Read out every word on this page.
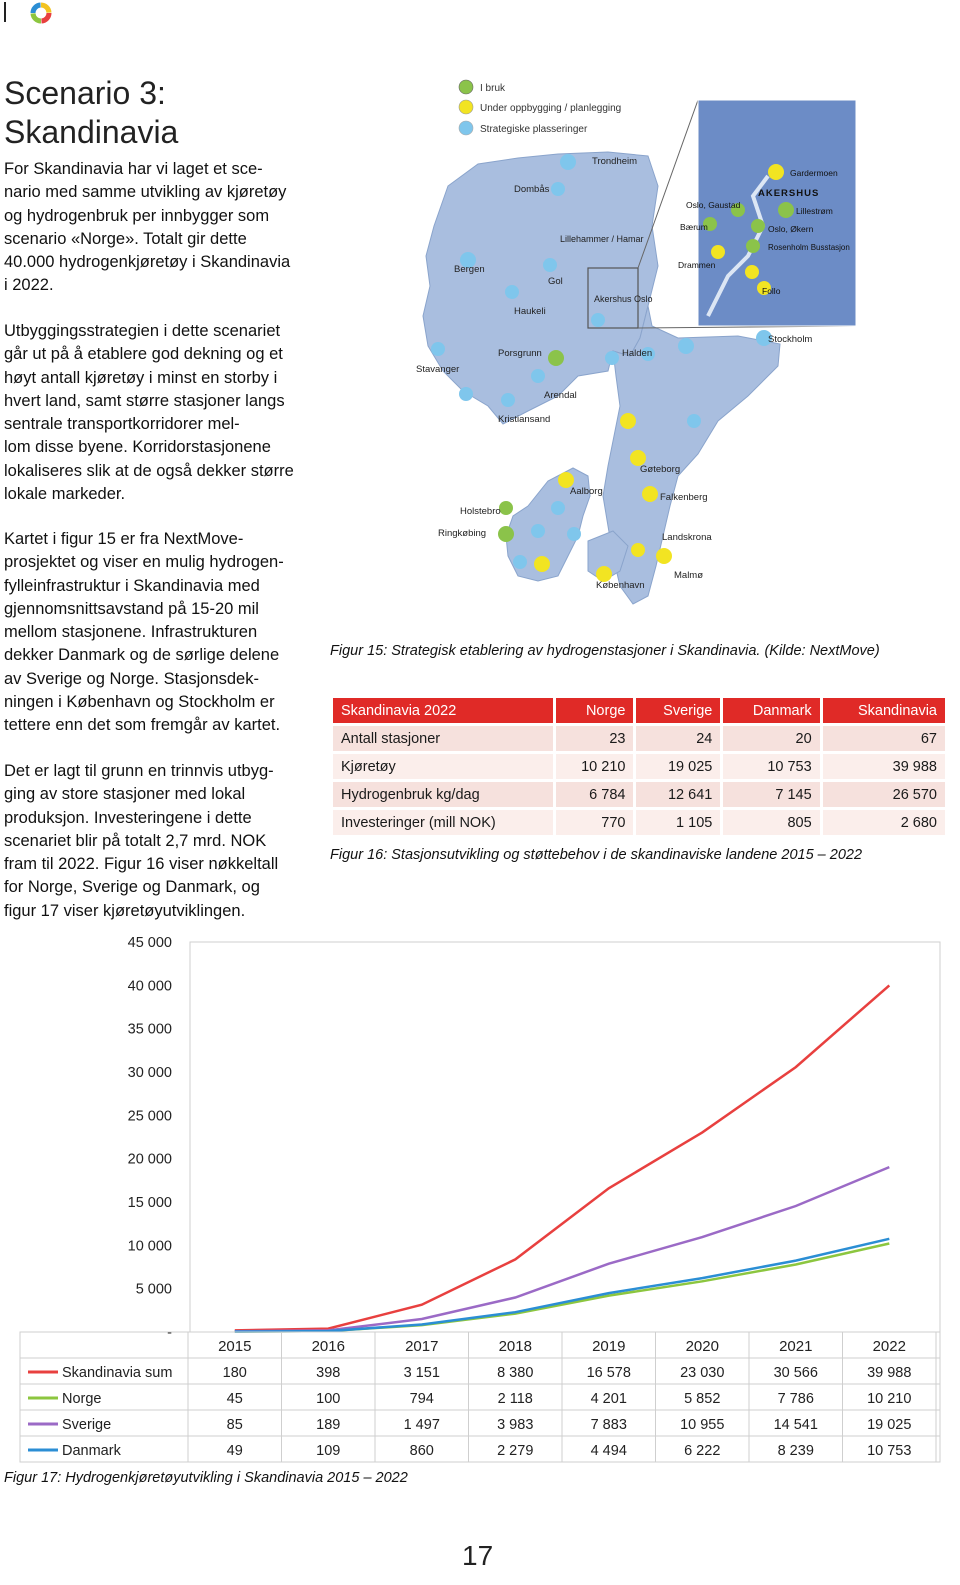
Scenario 3:
Skandinavia
For Skandinavia har vi laget et sce-
nario med samme utvikling av kjøretøy
og hydrogenbruk per innbygger som
scenario «Norge». Totalt gir dette
40.000 hydrogenkjøretøy i Skandinavia
i 2022.
Utbyggingsstrategien i dette scenariet
går ut på å etablere god dekning og et
høyt antall kjøretøy i minst en storby i
hvert land, samt større stasjoner langs
sentrale transportkorridorer mel-
lom disse byene. Korridorstasjonene
lokaliseres slik at de også dekker større
lokale markeder.
Kartet i figur 15 er fra NextMove-
prosjektet og viser en mulig hydrogen-
fylleinfrastruktur i Skandinavia med
gjennomsnittsavstand på 15-20 mil
mellom stasjonene. Infrastrukturen
dekker Danmark og de sørlige delene
av Sverige og Norge. Stasjonsdek-
ningen i København og Stockholm er
tettere enn det som fremgår av kartet.
Det er lagt til grunn en trinnvis utbyg-
ging av store stasjoner med lokal
produksjon. Investeringene i dette
scenariet blir på totalt 2,7 mrd. NOK
fram til 2022. Figur 16 viser nøkkeltall
for Norge, Sverige og Danmark, og
figur 17 viser kjøretøyutviklingen.
I bruk
Under oppbygging / planlegging
Strategiske plasseringer
Trondheim
Dombås
Lillehammer / Hamar
Bergen
Gol
Haukeli
Akershus Oslo
Porsgrunn
Stavanger
Arendal
Kristiansand
Halden
Stockholm
Gøteborg
Falkenberg
Aalborg
Holstebro
Ringkøbing	Landskrona
Malmø
København
Oslo, Gaustad
AKERSHUS
Gardermoen
Lillestrøm
Bærum	Oslo, Økern
Rosenholm Busstasjon
Drammen
Follo
Figur 15: Strategisk etablering av hydrogenstasjoner i Skandinavia. (Kilde: NextMove)
Skandinavia 2022	Norge	Sverige	Danmark	Skandinavia
Antall stasjoner	23	24	20	67
Kjøretøy	10 210	19 025	10 753	39 988
Hydrogenbruk kg/dag	6 784	12 641	7 145	26 570
Investeringer (mill NOK)	770	1 105	805	2 680
Figur 16: Stasjonsutvikling og støttebehov i de skandinaviske landene 2015 – 2022
-
5 000
10 000
15 000
20 000
25 000
30 000
35 000
40 000
45 000
2015	2016	2017	2018	2019	2020	2021	2022
Skandinavia sum	180	398	3 151	8 380	16 578	23 030	30 566	39 988
Norge	45	100	794	2 118	4 201	5 852	7 786	10 210
Sverige	85	189	1 497	3 983	7 883	10 955	14 541	19 025
Danmark	49	109	860	2 279	4 494	6 222	8 239	10 753
Figur 17: Hydrogenkjøretøyutvikling i Skandinavia 2015 – 2022
17
